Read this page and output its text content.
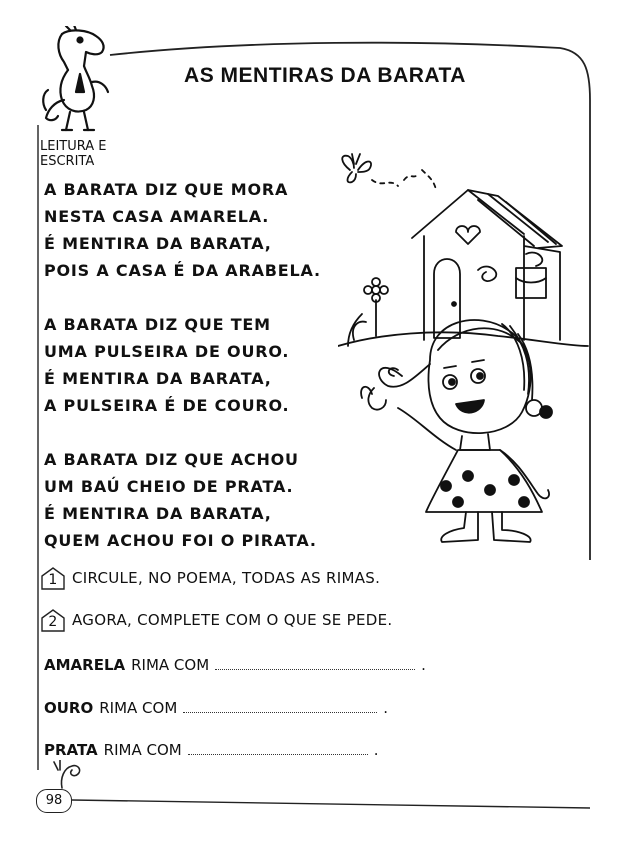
AS MENTIRAS DA BARATA
LEITURA E
ESCRITA
A BARATA DIZ QUE MORA
NESTA CASA AMARELA.
É MENTIRA DA BARATA,
POIS A CASA É DA ARABELA.
A BARATA DIZ QUE TEM
UMA PULSEIRA DE OURO.
É MENTIRA DA BARATA,
A PULSEIRA É DE COURO.
A BARATA DIZ QUE ACHOU
UM BAÚ CHEIO DE PRATA.
É MENTIRA DA BARATA,
QUEM ACHOU FOI O PIRATA.
1 CIRCULE, NO POEMA, TODAS AS RIMAS.
2 AGORA, COMPLETE COM O QUE SE PEDE.
AMARELA RIMA COM	.
OURO RIMA COM	.
PRATA RIMA COM	.
98
